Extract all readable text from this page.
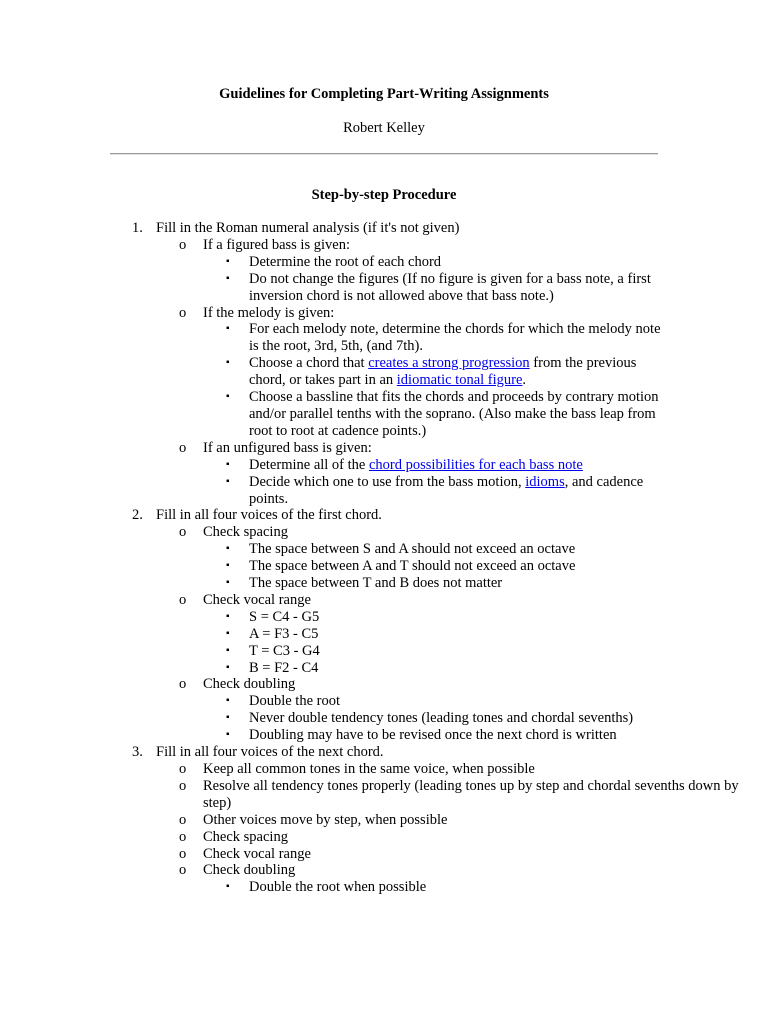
Guidelines for Completing Part-Writing Assignments
Robert Kelley
Step-by-step Procedure
1. Fill in the Roman numeral analysis (if it's not given)
o If a figured bass is given:
▪ Determine the root of each chord
▪ Do not change the figures (If no figure is given for a bass note, a first inversion chord is not allowed above that bass note.)
o If the melody is given:
▪ For each melody note, determine the chords for which the melody note is the root, 3rd, 5th, (and 7th).
▪ Choose a chord that creates a strong progression from the previous chord, or takes part in an idiomatic tonal figure.
▪ Choose a bassline that fits the chords and proceeds by contrary motion and/or parallel tenths with the soprano. (Also make the bass leap from root to root at cadence points.)
o If an unfigured bass is given:
▪ Determine all of the chord possibilities for each bass note
▪ Decide which one to use from the bass motion, idioms, and cadence points.
2. Fill in all four voices of the first chord.
o Check spacing
▪ The space between S and A should not exceed an octave
▪ The space between A and T should not exceed an octave
▪ The space between T and B does not matter
o Check vocal range
▪ S = C4 - G5
▪ A = F3 - C5
▪ T = C3 - G4
▪ B = F2 - C4
o Check doubling
▪ Double the root
▪ Never double tendency tones (leading tones and chordal sevenths)
▪ Doubling may have to be revised once the next chord is written
3. Fill in all four voices of the next chord.
o Keep all common tones in the same voice, when possible
o Resolve all tendency tones properly (leading tones up by step and chordal sevenths down by step)
o Other voices move by step, when possible
o Check spacing
o Check vocal range
o Check doubling
▪ Double the root when possible
